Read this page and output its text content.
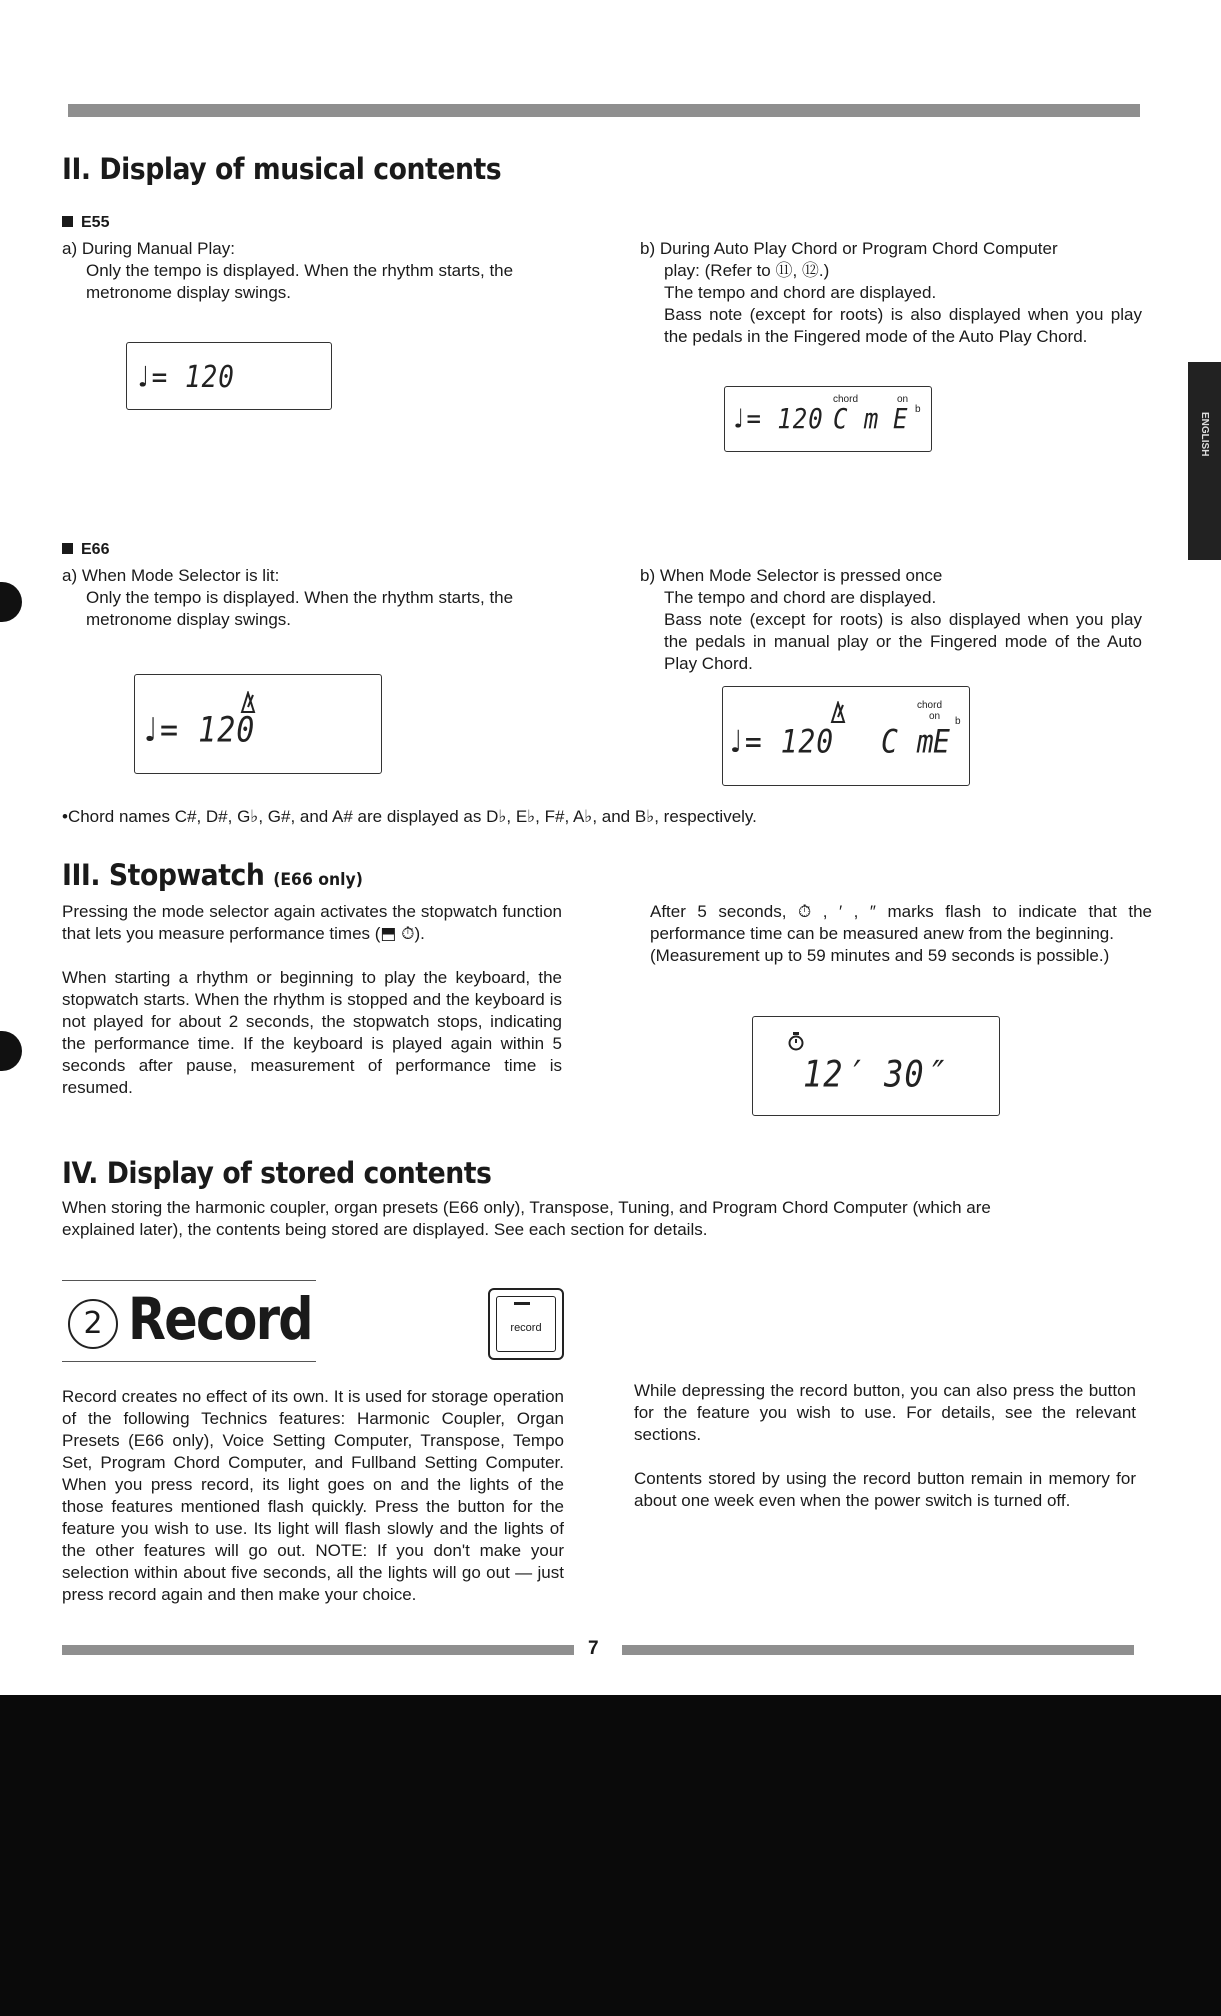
ENGLISH
II. Display of musical contents
E55

a) During Manual Play:

Only the tempo is displayed. When the rhythm starts, the metronome display swings.

♩= 120

b) During Auto Play Chord or Program Chord Computer

play: (Refer to ⑪, ⑫.)

The tempo and chord are displayed.

Bass note (except for roots) is also displayed when you play the pedals in the Fingered mode of the Auto Play Chord.

♩= 120
chord
C m
on
E b
E66

a) When Mode Selector is lit:

Only the tempo is displayed. When the rhythm starts, the metronome display swings.

♩= 120

b) When Mode Selector is pressed once

The tempo and chord are displayed.

Bass note (except for roots) is also displayed when you play the pedals in manual play or the Fingered mode of the Auto Play Chord.

♩= 120
chord
on
C m
E
b
•Chord names C#, D#, G♭, G#, and A# are displayed as D♭, E♭, F#, A♭, and B♭, respectively.
III. Stopwatch (E66 only)

Pressing the mode selector again activates the stopwatch function that lets you measure performance times (⬒ ⏱).

When starting a rhythm or beginning to play the keyboard, the stopwatch starts. When the rhythm is stopped and the keyboard is not played for about 2 seconds, the stopwatch stops, indicating the performance time. If the keyboard is played again within 5 seconds after pause, measurement of performance time is resumed.

After 5 seconds, ⏱ , ′ , ″ marks flash to indicate that the performance time can be measured anew from the beginning.

(Measurement up to 59 minutes and 59 seconds is possible.)

12′ 30″
IV. Display of stored contents
When storing the harmonic coupler, organ presets (E66 only), Transpose, Tuning, and Program Chord Computer (which are explained later), the contents being stored are displayed. See each section for details.
2 Record	record
Record creates no effect of its own. It is used for storage operation of the following Technics features: Harmonic Coupler, Organ Presets (E66 only), Voice Setting Computer, Transpose, Tempo Set, Program Chord Computer, and Fullband Setting Computer. When you press record, its light goes on and the lights of the those features mentioned flash quickly. Press the button for the feature you wish to use. Its light will flash slowly and the lights of the other features will go out. NOTE: If you don't make your selection within about five seconds, all the lights will go out — just press record again and then make your choice.

While depressing the record button, you can also press the button for the feature you wish to use. For details, see the relevant sections.

Contents stored by using the record button remain in memory for about one week even when the power switch is turned off.

7
